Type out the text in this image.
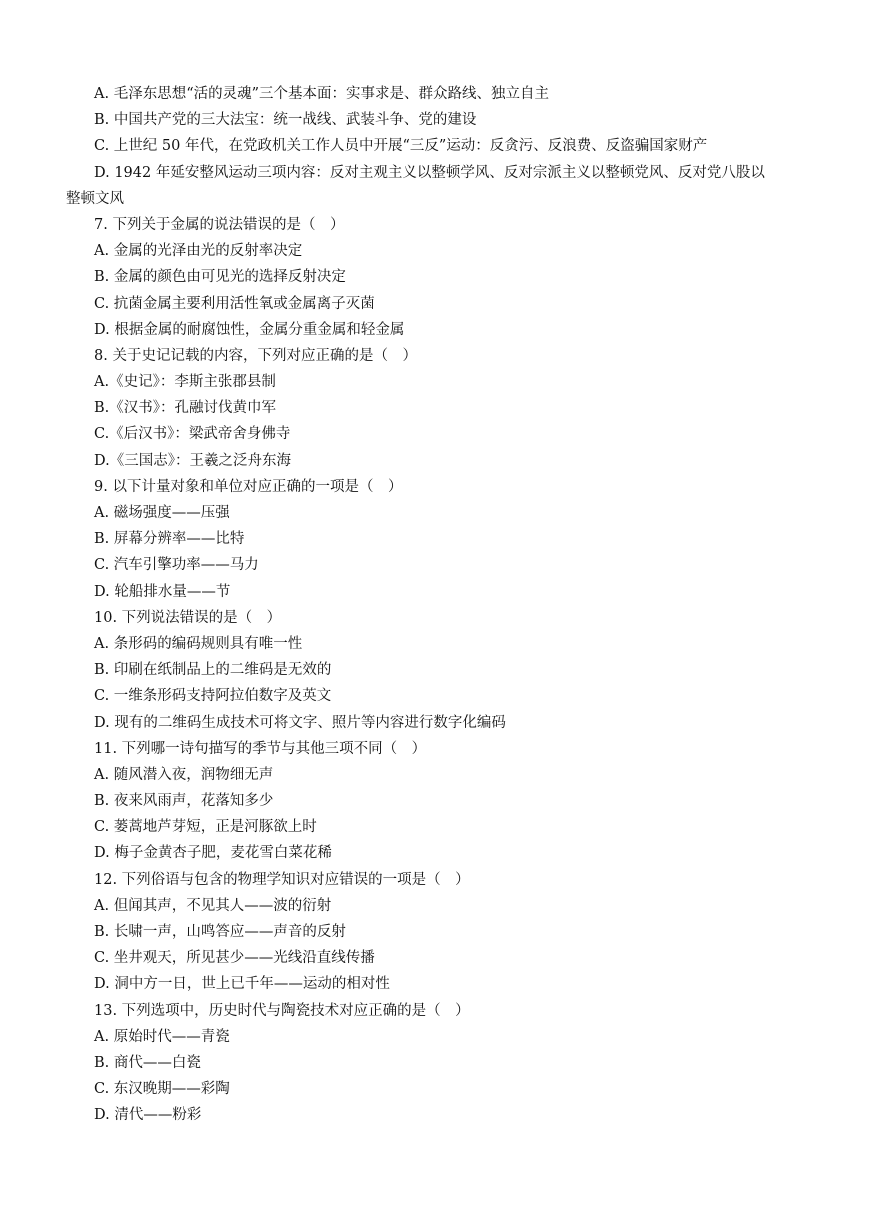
A. 毛泽东思想“活的灵魂”三个基本面：实事求是、群众路线、独立自主
B. 中国共产党的三大法宝：统一战线、武装斗争、党的建设
C. 上世纪 50 年代，在党政机关工作人员中开展“三反”运动：反贪污、反浪费、反盗骗国家财产
D. 1942 年延安整风运动三项内容：反对主观主义以整顿学风、反对宗派主义以整顿党风、反对党八股以
整顿文风
7. 下列关于金属的说法错误的是（　）
A. 金属的光泽由光的反射率决定
B. 金属的颜色由可见光的选择反射决定
C. 抗菌金属主要利用活性氧或金属离子灭菌
D. 根据金属的耐腐蚀性，金属分重金属和轻金属
8. 关于史记记载的内容，下列对应正确的是（　）
A.《史记》：李斯主张郡县制
B.《汉书》：孔融讨伐黄巾军
C.《后汉书》：梁武帝舍身佛寺
D.《三国志》：王羲之泛舟东海
9. 以下计量对象和单位对应正确的一项是（　）
A. 磁场强度——压强
B. 屏幕分辨率——比特
C. 汽车引擎功率——马力
D. 轮船排水量——节
10. 下列说法错误的是（　）
A. 条形码的编码规则具有唯一性
B. 印刷在纸制品上的二维码是无效的
C. 一维条形码支持阿拉伯数字及英文
D. 现有的二维码生成技术可将文字、照片等内容进行数字化编码
11. 下列哪一诗句描写的季节与其他三项不同（　）
A. 随风潜入夜，润物细无声
B. 夜来风雨声，花落知多少
C. 蒌蒿地芦芽短，正是河豚欲上时
D. 梅子金黄杏子肥，麦花雪白菜花稀
12. 下列俗语与包含的物理学知识对应错误的一项是（　）
A. 但闻其声，不见其人——波的衍射
B. 长啸一声，山鸣答应——声音的反射
C. 坐井观天，所见甚少——光线沿直线传播
D. 洞中方一日，世上已千年——运动的相对性
13. 下列选项中，历史时代与陶瓷技术对应正确的是（　）
A. 原始时代——青瓷
B. 商代——白瓷
C. 东汉晚期——彩陶
D. 清代——粉彩
